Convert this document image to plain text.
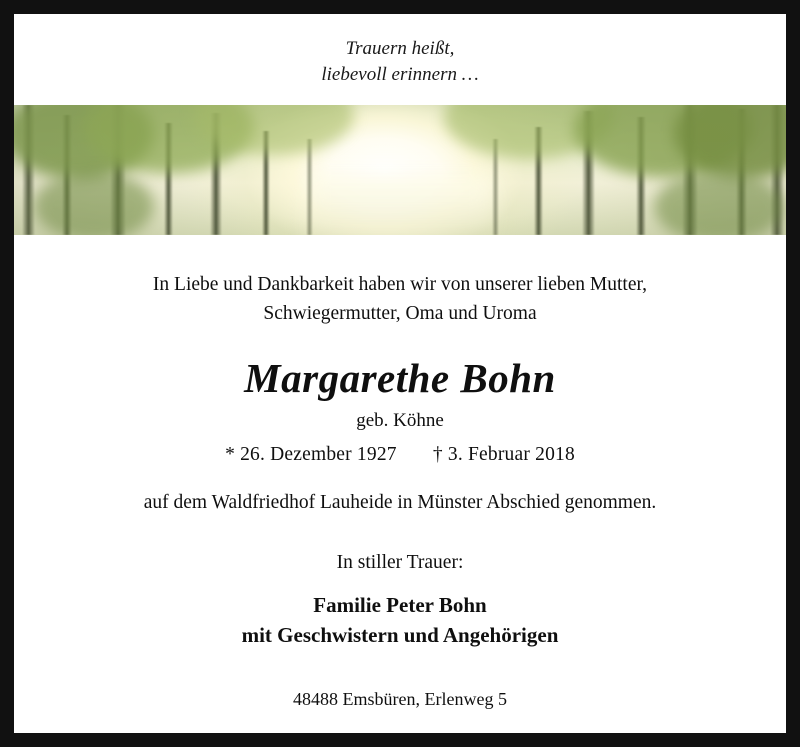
Trauern heißt,
liebevoll erinnern …
In Liebe und Dankbarkeit haben wir von unserer lieben Mutter,
Schwiegermutter, Oma und Uroma
Margarethe Bohn
geb. Köhne
* 26. Dezember 1927 † 3. Februar 2018
auf dem Waldfriedhof Lauheide in Münster Abschied genommen.
In stiller Trauer:
Familie Peter Bohn
mit Geschwistern und Angehörigen
48488 Emsbüren, Erlenweg 5
